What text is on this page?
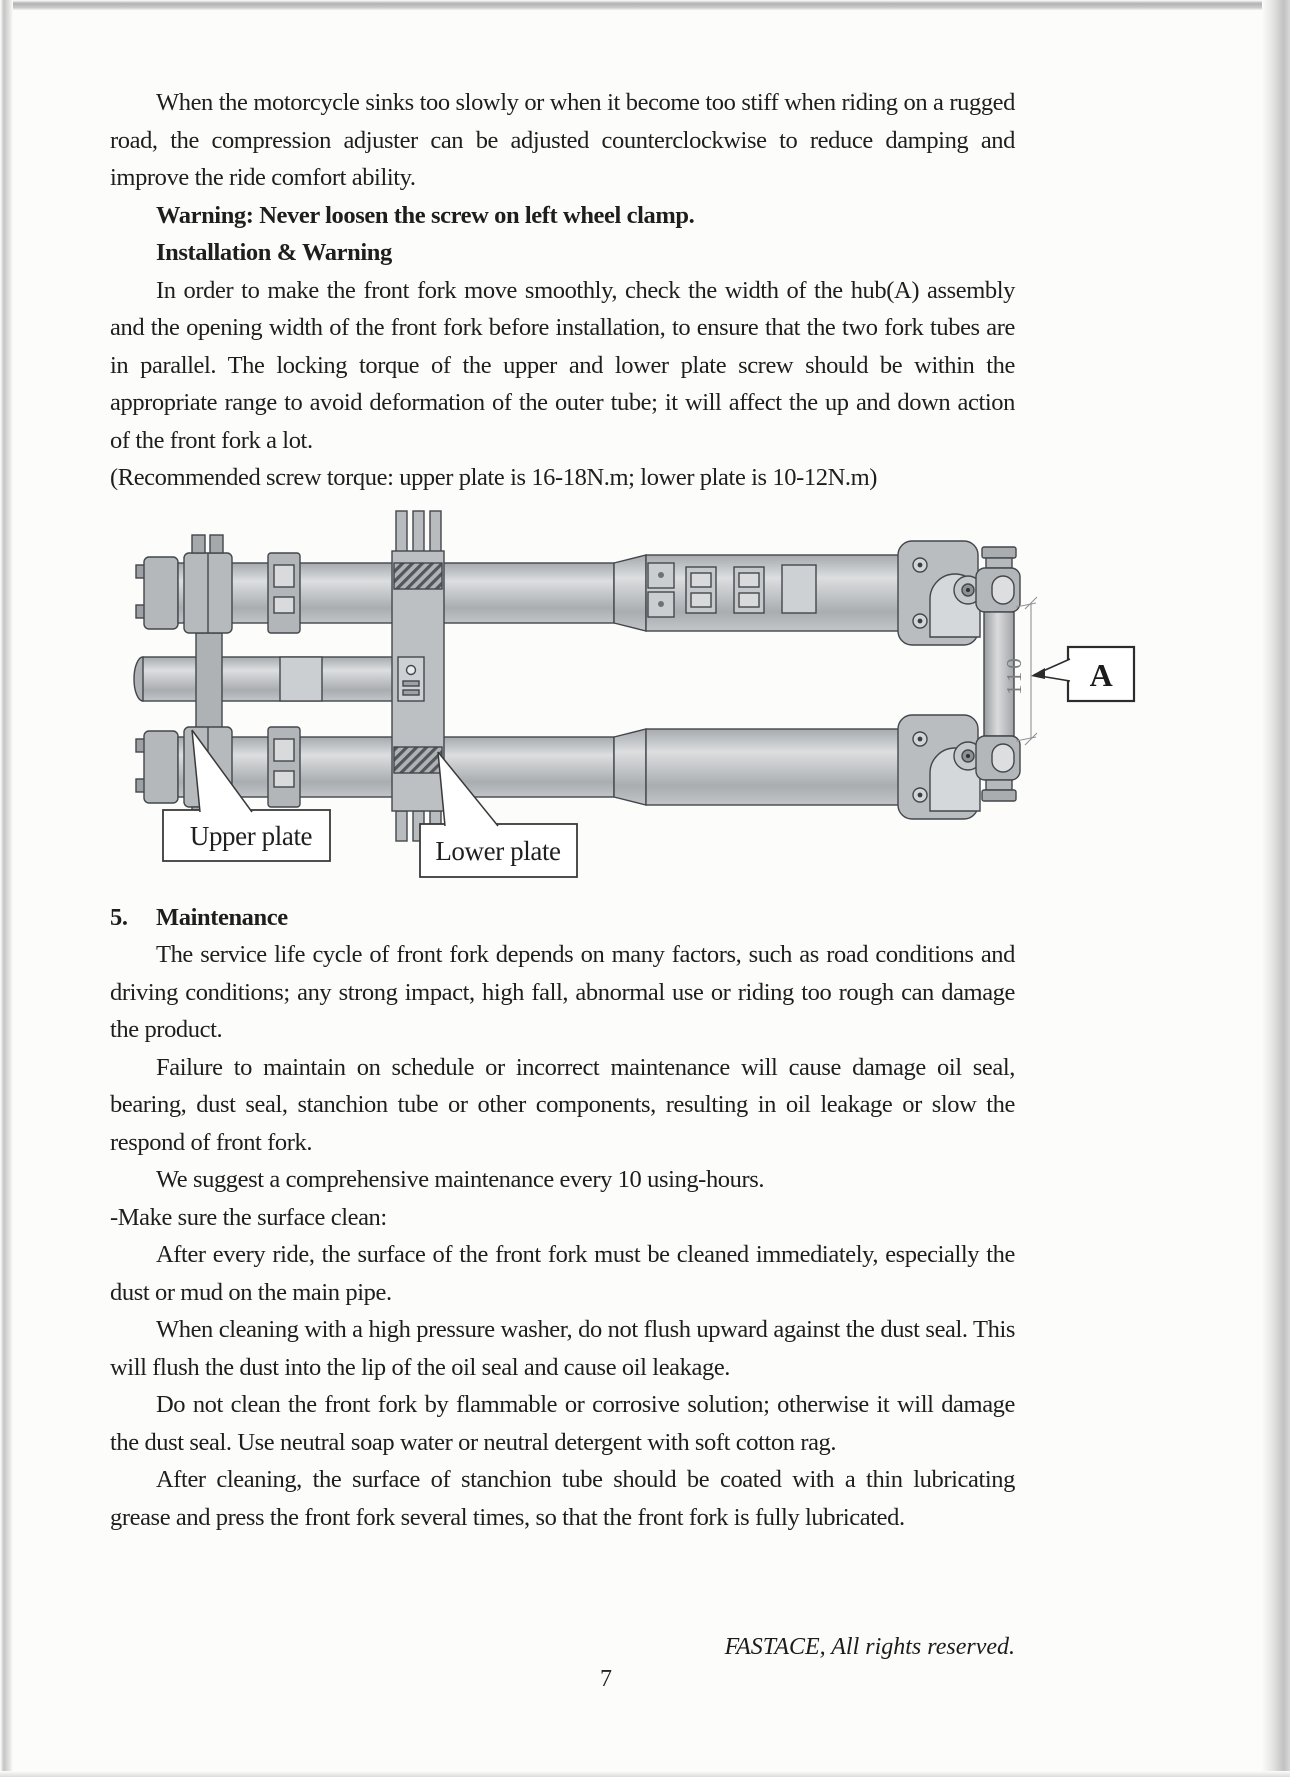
When the motorcycle sinks too slowly or when it become too stiff when riding on a rugged road, the compression adjuster can be adjusted counterclockwise to reduce damping and improve the ride comfort ability.

Warning: Never loosen the screw on left wheel clamp.

Installation & Warning

In order to make the front fork move smoothly, check the width of the hub(A) assembly and the opening width of the front fork before installation, to ensure that the two fork tubes are in parallel. The locking torque of the upper and lower plate screw should be within the appropriate range to avoid deformation of the outer tube; it will affect the up and down action of the front fork a lot.

(Recommended screw torque: upper plate is 16-18N.m; lower plate is 10-12N.m)

110 A
Upper plate	Lower plate

5.	Maintenance

The service life cycle of front fork depends on many factors, such as road conditions and driving conditions; any strong impact, high fall, abnormal use or riding too rough can damage the product.

Failure to maintain on schedule or incorrect maintenance will cause damage oil seal, bearing, dust seal, stanchion tube or other components, resulting in oil leakage or slow the respond of front fork.

We suggest a comprehensive maintenance every 10 using-hours.

-Make sure the surface clean:

After every ride, the surface of the front fork must be cleaned immediately, especially the dust or mud on the main pipe.

When cleaning with a high pressure washer, do not flush upward against the dust seal. This will flush the dust into the lip of the oil seal and cause oil leakage.

Do not clean the front fork by flammable or corrosive solution; otherwise it will damage the dust seal. Use neutral soap water or neutral detergent with soft cotton rag.

After cleaning, the surface of stanchion tube should be coated with a thin lubricating grease and press the front fork several times, so that the front fork is fully lubricated.

FASTACE, All rights reserved.
7
